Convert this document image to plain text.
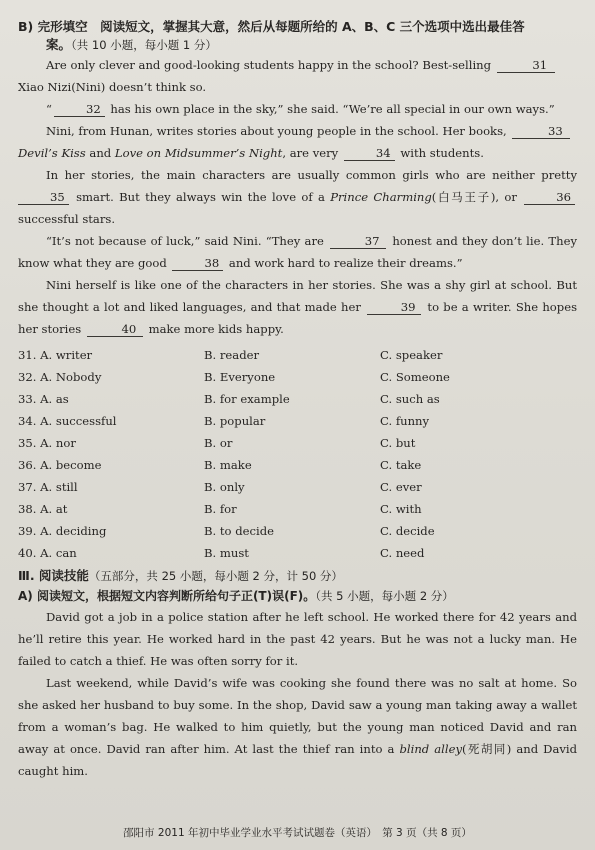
B) 完形填空　阅读短文，掌握其大意，然后从每题所给的 A、B、C 三个选项中选出最佳答
案。（共 10 小题，每小题 1 分）

Are only clever and good-looking students happy in the school? Best-selling	31
Xiao Nizi(Nini) doesn’t think so.

“	32 has his own place in the sky,” she said. “We’re all special in our own ways.”

Nini, from Hunan, writes stories about young people in the school. Her books,	33
Devil’s Kiss and Love on Midsummer’s Night, are very	34 with students.

In her stories, the main characters are usually common girls who are neither pretty 35 smart. But they always win the love of a Prince Charming(白马王子), or	36 successful stars.

“It’s not because of luck,” said Nini. “They are	37 honest and they don’t lie. They know what they are good	38 and work hard to realize their dreams.”

Nini herself is like one of the characters in her stories. She was a shy girl at school. But she thought a lot and liked languages, and that made her	39 to be a writer. She hopes her stories	40 make more kids happy.

31. A. writer	B. reader	C. speaker
32. A. Nobody	B. Everyone	C. Someone
33. A. as	B. for example	C. such as
34. A. successful	B. popular	C. funny
35. A. nor	B. or	C. but
36. A. become	B. make	C. take
37. A. still	B. only	C. ever
38. A. at	B. for	C. with
39. A. deciding	B. to decide	C. decide
40. A. can	B. must	C. need
Ⅲ. 阅读技能（五部分，共 25 小题，每小题 2 分，计 50 分）
A) 阅读短文，根据短文内容判断所给句子正(T)误(F)。（共 5 小题，每小题 2 分）

David got a job in a police station after he left school. He worked there for 42 years and he’ll retire this year. He worked hard in the past 42 years. But he was not a lucky man. He failed to catch a thief. He was often sorry for it.

Last weekend, while David’s wife was cooking she found there was no salt at home. So she asked her husband to buy some. In the shop, David saw a young man taking away a wallet from a woman’s bag. He walked to him quietly, but the young man noticed David and ran away at once. David ran after him. At last the thief ran into a blind alley(死胡同) and David caught him.

邵阳市 2011 年初中毕业学业水平考试试题卷（英语）　第 3 页（共 8 页）
